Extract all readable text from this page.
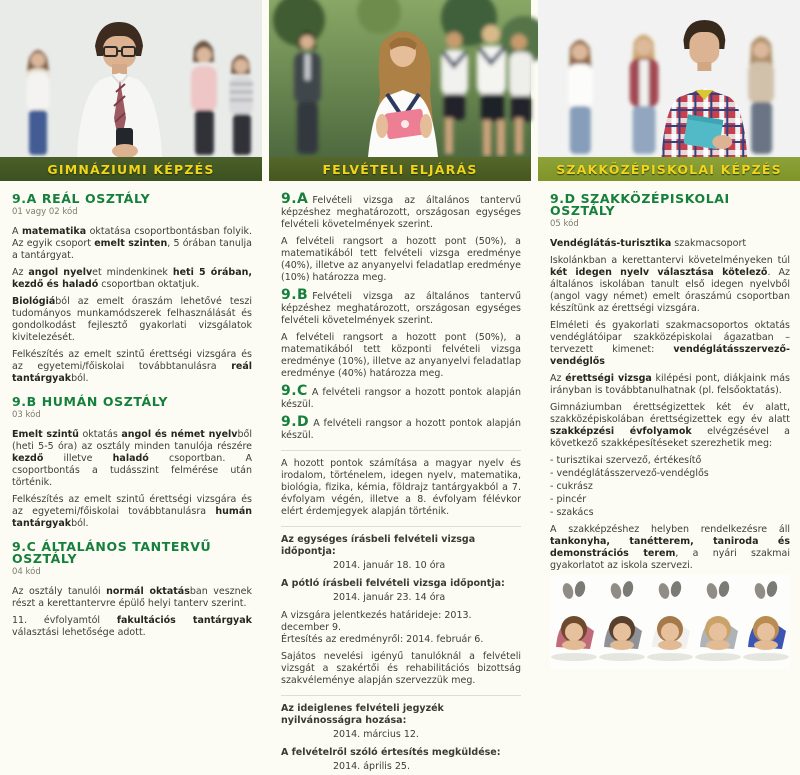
GIMNÁZIUMI KÉPZÉS
9.A REÁL OSZTÁLY
01 vagy 02 kód

A matematika oktatása csoportbontásban folyik. Az egyik csoport emelt szinten, 5 órában tanulja a tantárgyat.

Az angol nyelvet mindenkinek heti 5 órában, kezdő és haladó csoportban oktatjuk.

Biológiából az emelt óraszám lehetővé teszi tudományos munkamódszerek felhasználását és gondolkodást fejlesztő gyakorlati vizsgálatok kivitelezését.

Felkészítés az emelt szintű érettségi vizsgára és az egyetemi/főiskolai továbbtanulásra reál tantárgyakból.

9.B HUMÁN OSZTÁLY
03 kód

Emelt szintű oktatás angol és német nyelvből (heti 5-5 óra) az osztály minden tanulója részére kezdő illetve haladó csoportban. A csoportbontás a tudásszint felmérése után történik.

Felkészítés az emelt szintű érettségi vizsgára és az egyetemi/főiskolai továbbtanulásra humán tantárgyakból.

9.C ÁLTALÁNOS TANTERVŰ OSZTÁLY
04 kód

Az osztály tanulói normál oktatásban vesznek részt a kerettantervre épülő helyi tanterv szerint.

11. évfolyamtól fakultációs tantárgyak választási lehetősége adott.

FELVÉTELI ELJÁRÁS

9.A Felvételi vizsga az általános tantervű képzéshez meghatározott, országosan egységes felvételi követelmények szerint.

A felvételi rangsort a hozott pont (50%), a matematikából tett felvételi vizsga eredménye (40%), illetve az anyanyelvi feladatlap eredménye (10%) határozza meg.

9.B Felvételi vizsga az általános tantervű képzéshez meghatározott, országosan egységes felvételi követelmények szerint.

A felvételi rangsort a hozott pont (50%), a matematikából tett központi felvételi vizsga eredménye (10%), illetve az anyanyelvi feladatlap eredménye (40%) határozza meg.

9.C A felvételi rangsor a hozott pontok alapján készül.

9.D A felvételi rangsor a hozott pontok alapján készül.

A hozott pontok számítása a magyar nyelv és irodalom, történelem, idegen nyelv, matematika, biológia, fizika, kémia, földrajz tantárgyakból a 7. évfolyam végén, illetve a 8. évfolyam félévkor elért érdemjegyek alapján történik.

Az egységes írásbeli felvételi vizsga időpontja:

2014. január 18. 10 óra

A pótló írásbeli felvételi vizsga időpontja:

2014. január 23. 14 óra

A vizsgára jelentkezés határideje: 2013. december 9.
Értesítés az eredményről: 2014. február 6.

Sajátos nevelési igényű tanulóknál a felvételi vizsgát a szakértői és rehabilitációs bizottság szakvéleménye alapján szervezzük meg.

Az ideiglenes felvételi jegyzék nyilvánosságra hozása:

2014. március 12.

A felvételről szóló értesítés megküldése:

2014. április 25.

SZAKKÖZÉPISKOLAI KÉPZÉS
9.D SZAKKÖZÉPISKOLAI OSZTÁLY
05 kód

Vendéglátás-turisztika szakmacsoport

Iskolánkban a kerettantervi követelményeken túl két idegen nyelv választása kötelező. Az általános iskolában tanult első idegen nyelvből (angol vagy német) emelt óraszámú csoportban készítünk az érettségi vizsgára.

Elméleti és gyakorlati szakmacsoportos oktatás vendéglátóipar szakközépiskolai ágazatban – tervezett kimenet: vendéglátásszervező-vendéglős

Az érettségi vizsga kilépési pont, diákjaink más irányban is továbbtanulhatnak (pl. felsőoktatás).

Gimnáziumban érettségizettek két év alatt, szakközépiskolában érettségizettek egy év alatt szakképzési évfolyamok elvégzésével a következő szakképesítéseket szerezhetik meg:

- turisztikai szervező, értékesítő
- vendéglátásszervező-vendéglős
- cukrász
- pincér
- szakács

A szakképzéshez helyben rendelkezésre áll tankonyha, tanétterem, taniroda és demonstrációs terem, a nyári szakmai gyakorlatot az iskola szervezi.
